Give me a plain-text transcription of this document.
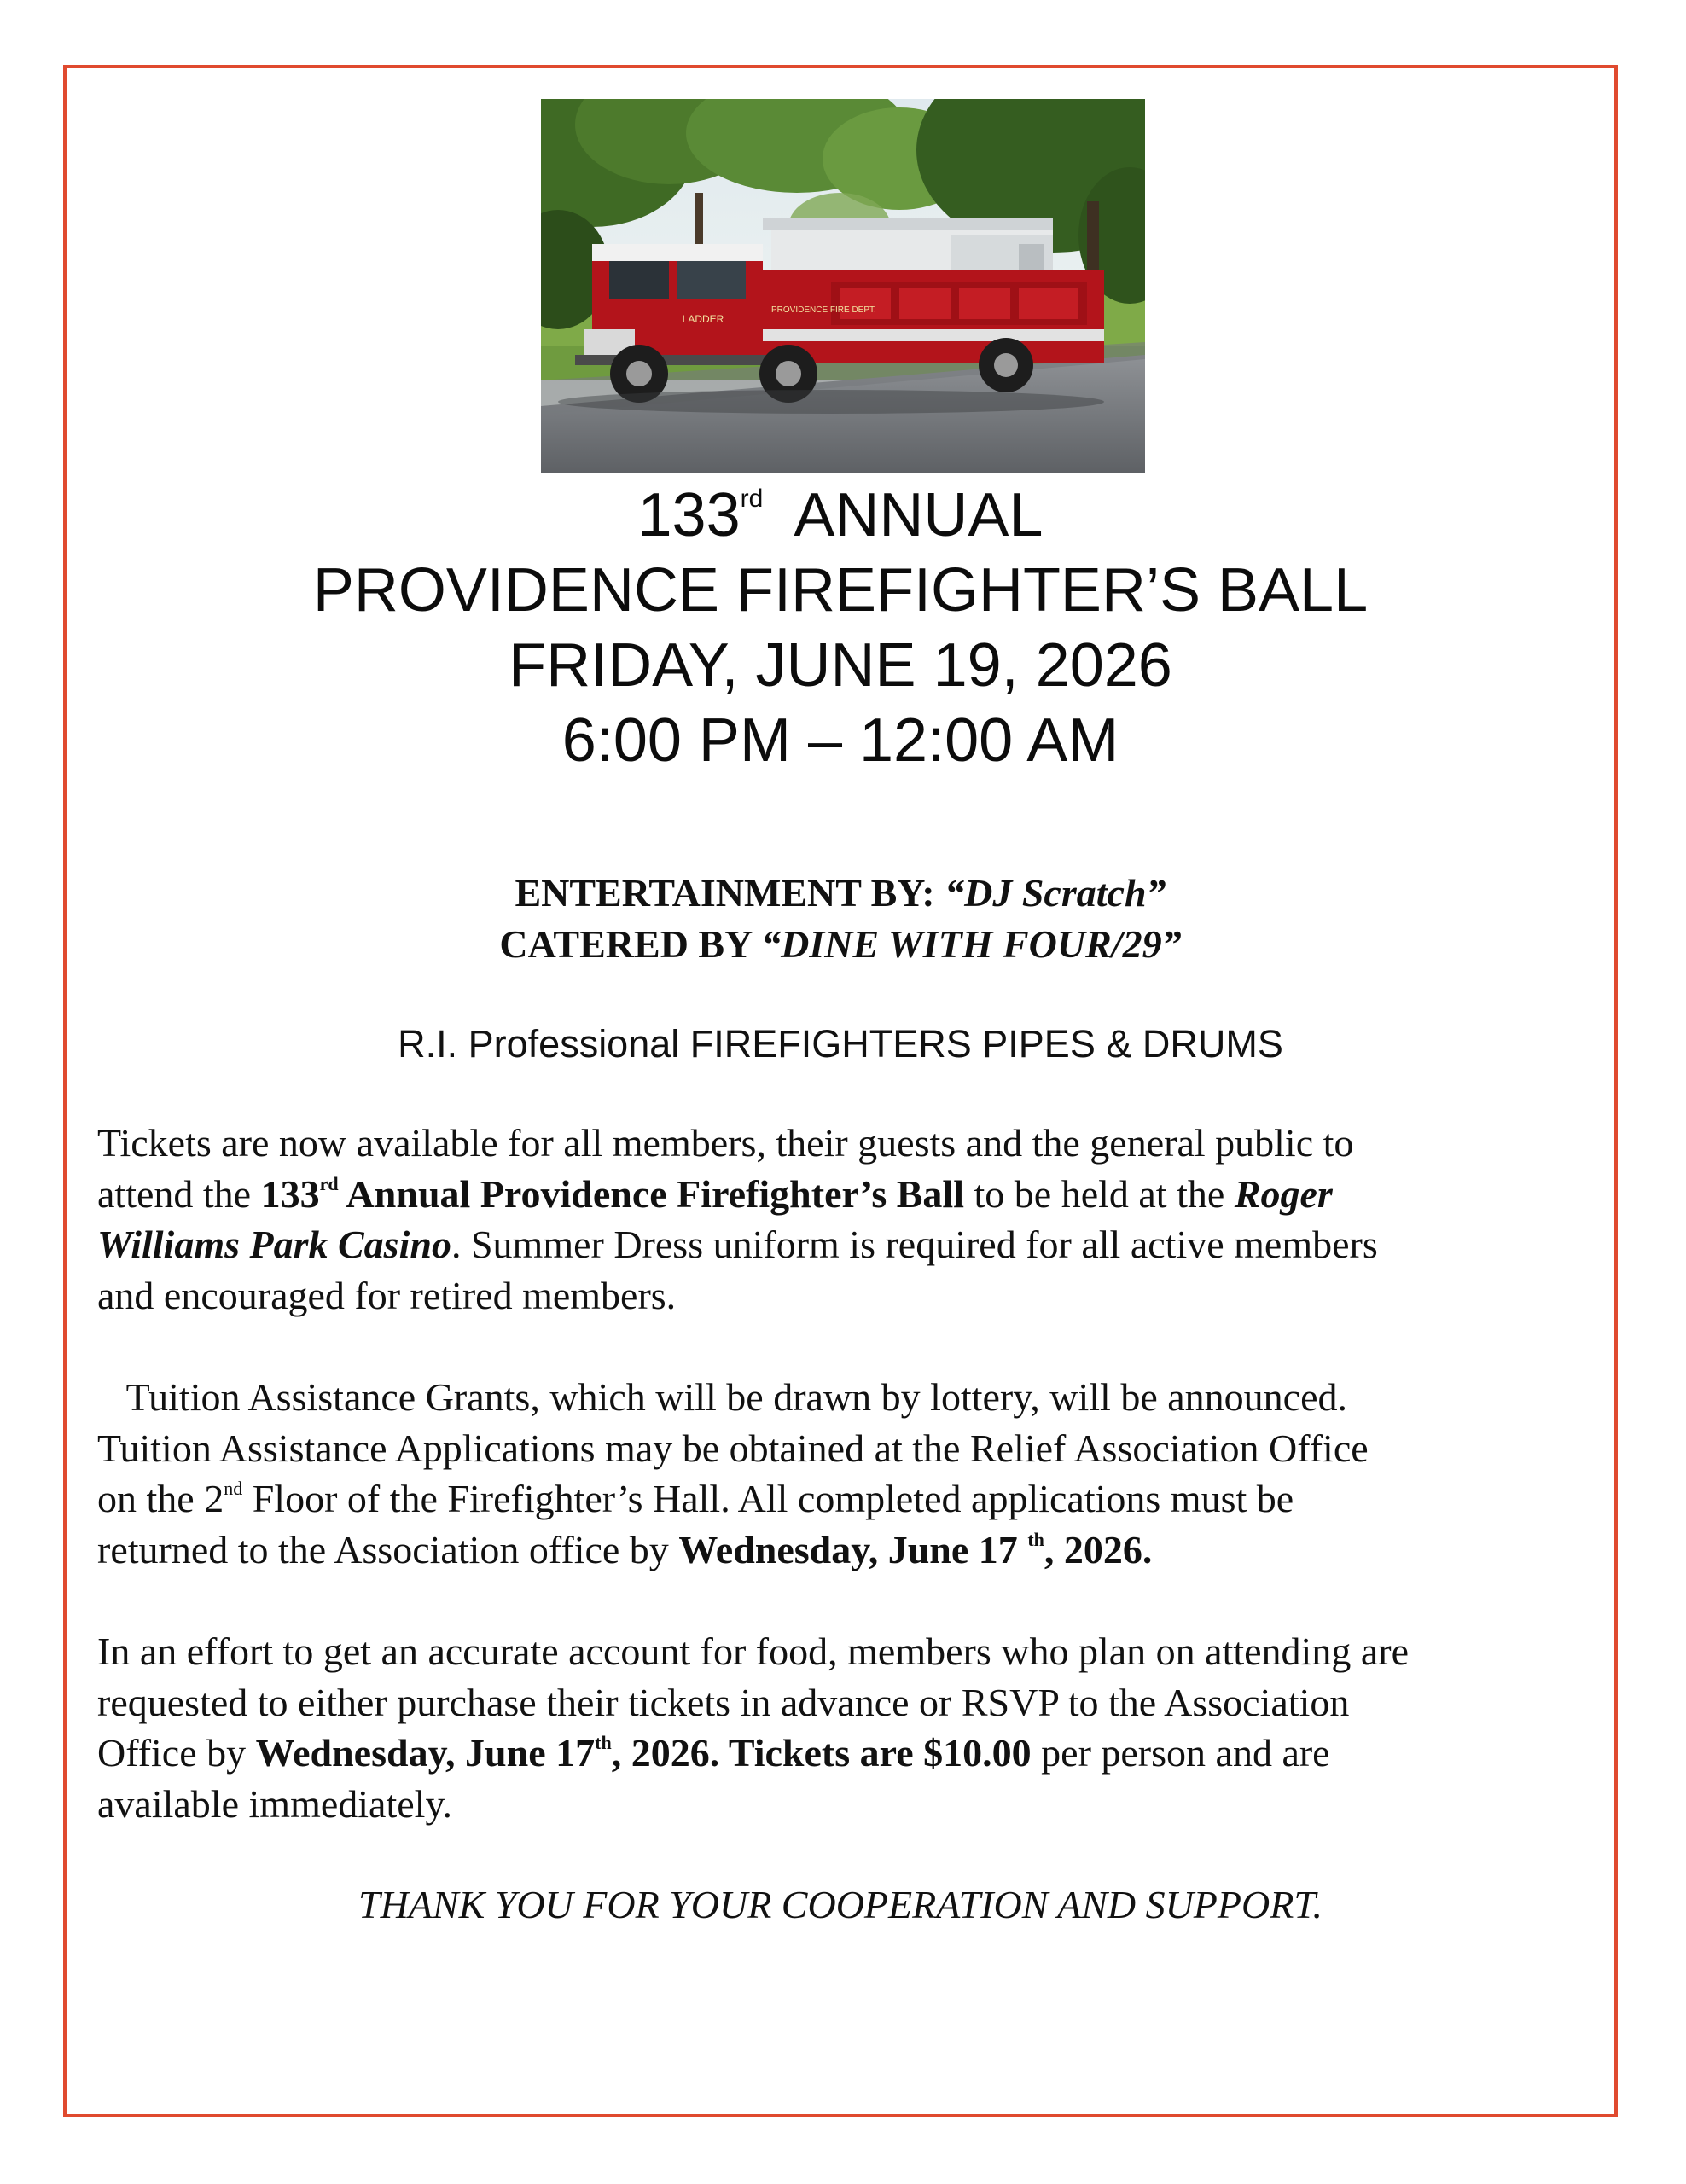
LADDER
PROVIDENCE FIRE DEPT.
133rd ANNUAL
PROVIDENCE FIREFIGHTER’S BALL
FRIDAY, JUNE 19, 2026
6:00 PM – 12:00 AM
ENTERTAINMENT BY: “DJ Scratch”
CATERED BY “DINE WITH FOUR/29”
R.I. Professional FIREFIGHTERS PIPES & DRUMS

Tickets are now available for all members, their guests and the general public to
attend the 133rd Annual Providence Firefighter’s Ball to be held at the Roger
Williams Park Casino. Summer Dress uniform is required for all active members
and encouraged for retired members.

Tuition Assistance Grants, which will be drawn by lottery, will be announced.
Tuition Assistance Applications may be obtained at the Relief Association Office
on the 2nd Floor of the Firefighter’s Hall. All completed applications must be
returned to the Association office by Wednesday, June 17 $^{th}$, 2026.

In an effort to get an accurate account for food, members who plan on attending are
requested to either purchase their tickets in advance or RSVP to the Association
Office by Wednesday, June 17th, 2026. Tickets are $10.00 per person and are
available immediately.

THANK YOU FOR YOUR COOPERATION AND SUPPORT.
